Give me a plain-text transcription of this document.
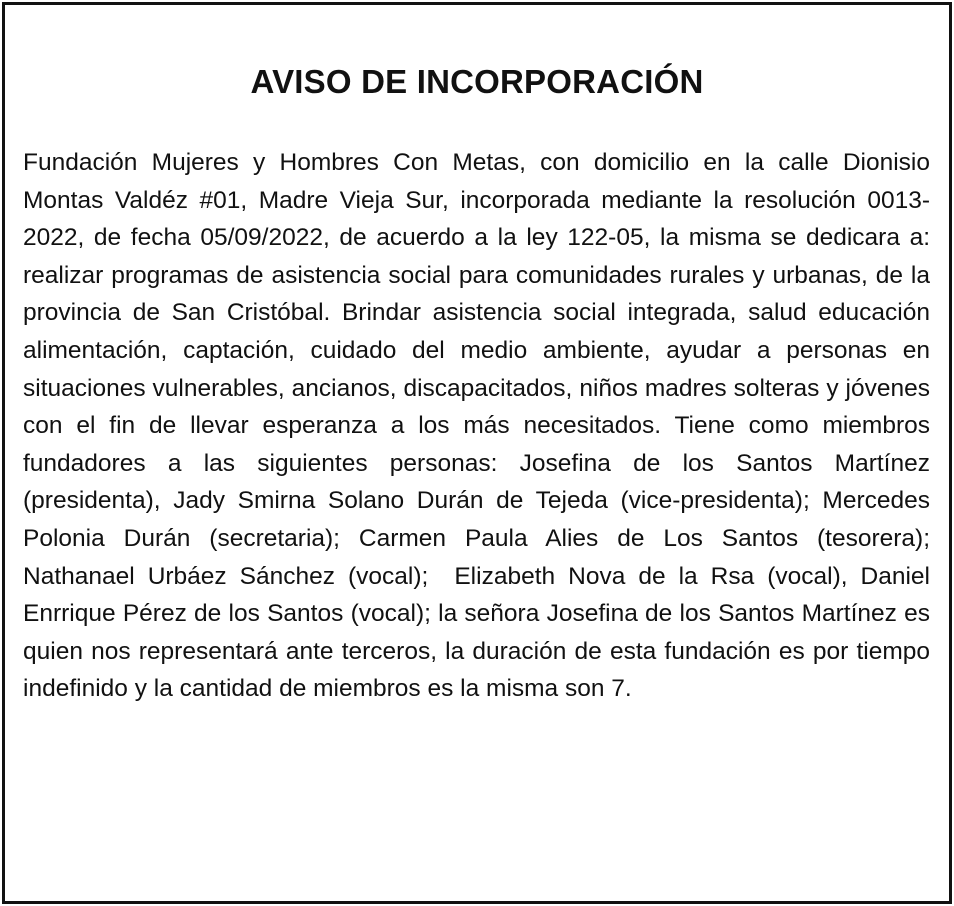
AVISO DE INCORPORACIÓN

Fundación Mujeres y Hombres Con Metas, con domicilio en la calle Dionisio Montas Valdéz #01, Madre Vieja Sur, incorporada mediante la resolución 0013-2022, de fecha 05/09/2022, de acuerdo a la ley 122-05, la misma se dedicara a: realizar programas de asistencia social para comunidades rurales y urbanas, de la provincia de San Cristóbal. Brindar asistencia social integrada, salud educación alimentación, captación, cuidado del medio ambiente, ayudar a personas en situaciones vulnerables, ancianos, discapacitados, niños madres solteras y jóvenes con el fin de llevar esperanza a los más necesitados. Tiene como miembros fundadores a las siguientes personas: Josefina de los Santos Martínez (presidenta), Jady Smirna Solano Durán de Tejeda (vice-presidenta); Mercedes Polonia Durán (secretaria); Carmen Paula Alies de Los Santos (tesorera);  Nathanael Urbáez Sánchez (vocal);  Elizabeth Nova de la Rsa (vocal), Daniel Enrrique Pérez de los Santos (vocal); la señora Josefina de los Santos Martínez es quien nos representará ante terceros, la duración de esta fundación es por tiempo indefinido y la cantidad de miembros es la misma son 7.
